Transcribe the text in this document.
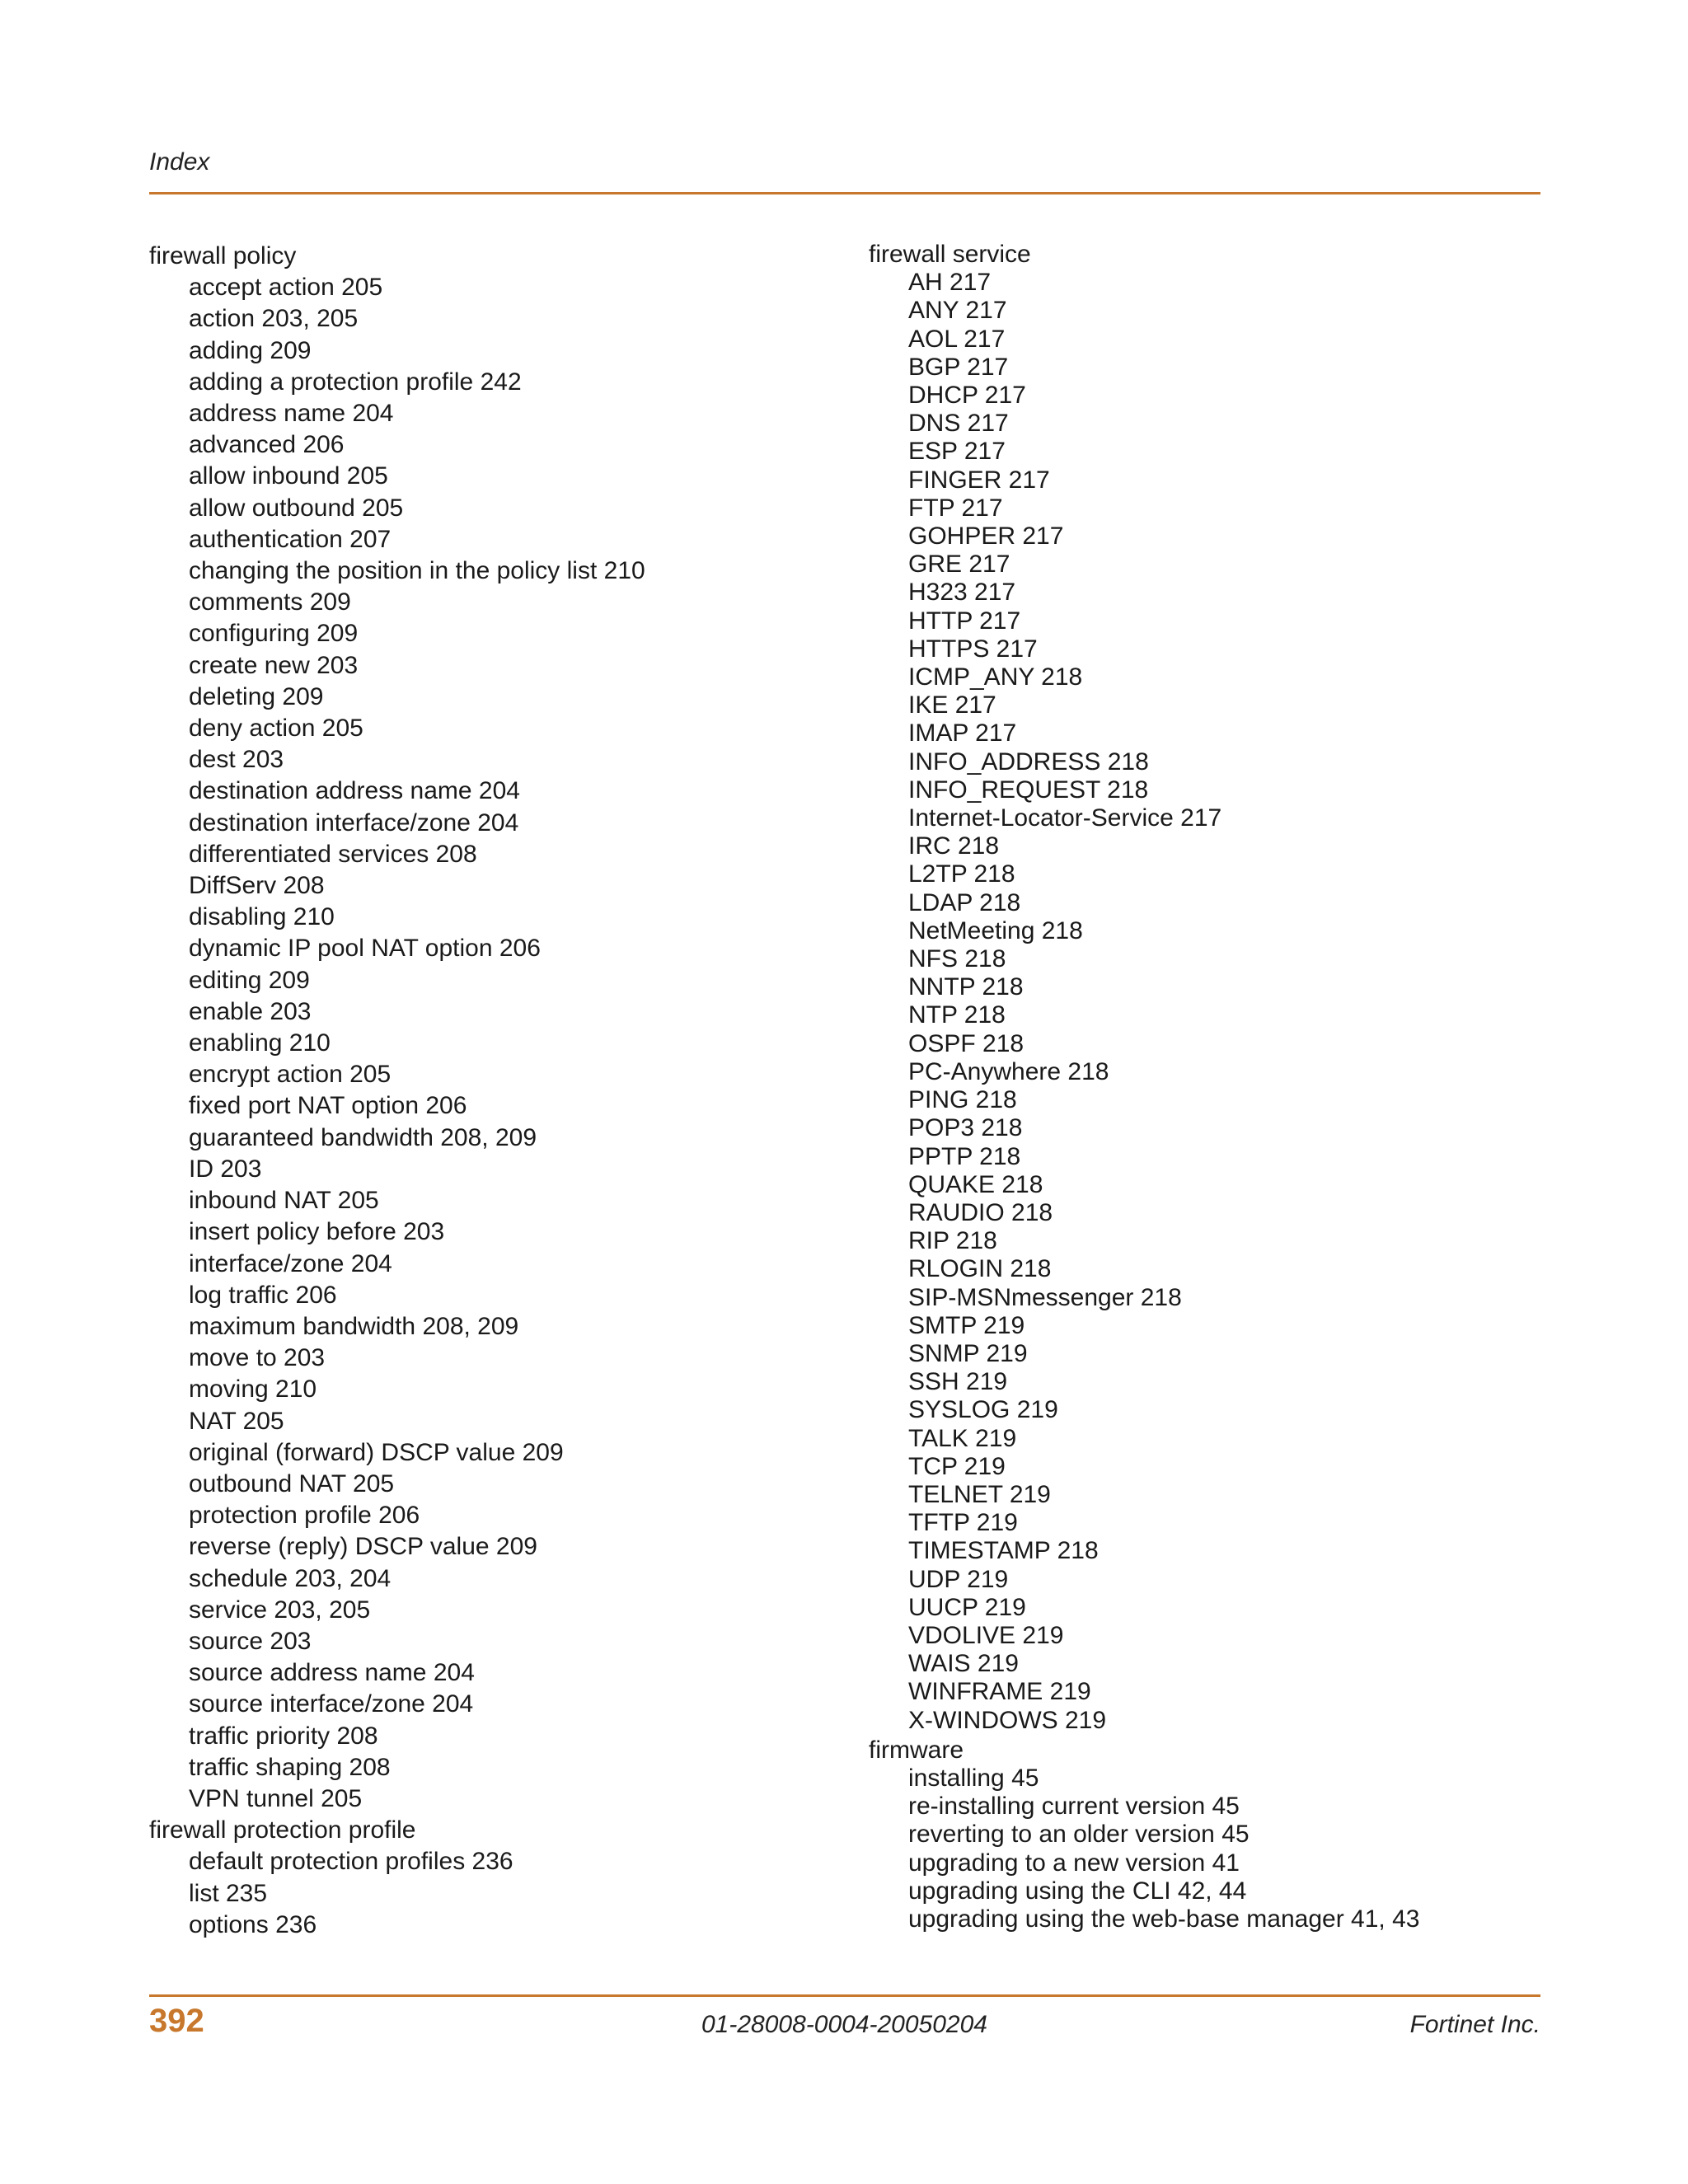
Index
firewall policy
accept action 205
action 203, 205
adding 209
adding a protection profile 242
address name 204
advanced 206
allow inbound 205
allow outbound 205
authentication 207
changing the position in the policy list 210
comments 209
configuring 209
create new 203
deleting 209
deny action 205
dest 203
destination address name 204
destination interface/zone 204
differentiated services 208
DiffServ 208
disabling 210
dynamic IP pool NAT option 206
editing 209
enable 203
enabling 210
encrypt action 205
fixed port NAT option 206
guaranteed bandwidth 208, 209
ID 203
inbound NAT 205
insert policy before 203
interface/zone 204
log traffic 206
maximum bandwidth 208, 209
move to 203
moving 210
NAT 205
original (forward) DSCP value 209
outbound NAT 205
protection profile 206
reverse (reply) DSCP value 209
schedule 203, 204
service 203, 205
source 203
source address name 204
source interface/zone 204
traffic priority 208
traffic shaping 208
VPN tunnel 205
firewall protection profile
default protection profiles 236
list 235
options 236
firewall service
AH 217
ANY 217
AOL 217
BGP 217
DHCP 217
DNS 217
ESP 217
FINGER 217
FTP 217
GOHPER 217
GRE 217
H323 217
HTTP 217
HTTPS 217
ICMP_ANY 218
IKE 217
IMAP 217
INFO_ADDRESS 218
INFO_REQUEST 218
Internet-Locator-Service 217
IRC 218
L2TP 218
LDAP 218
NetMeeting 218
NFS 218
NNTP 218
NTP 218
OSPF 218
PC-Anywhere 218
PING 218
POP3 218
PPTP 218
QUAKE 218
RAUDIO 218
RIP 218
RLOGIN 218
SIP-MSNmessenger 218
SMTP 219
SNMP 219
SSH 219
SYSLOG 219
TALK 219
TCP 219
TELNET 219
TFTP 219
TIMESTAMP 218
UDP 219
UUCP 219
VDOLIVE 219
WAIS 219
WINFRAME 219
X-WINDOWS 219
firmware
installing 45
re-installing current version 45
reverting to an older version 45
upgrading to a new version 41
upgrading using the CLI 42, 44
upgrading using the web-base manager 41, 43
392	01-28008-0004-20050204	Fortinet Inc.
